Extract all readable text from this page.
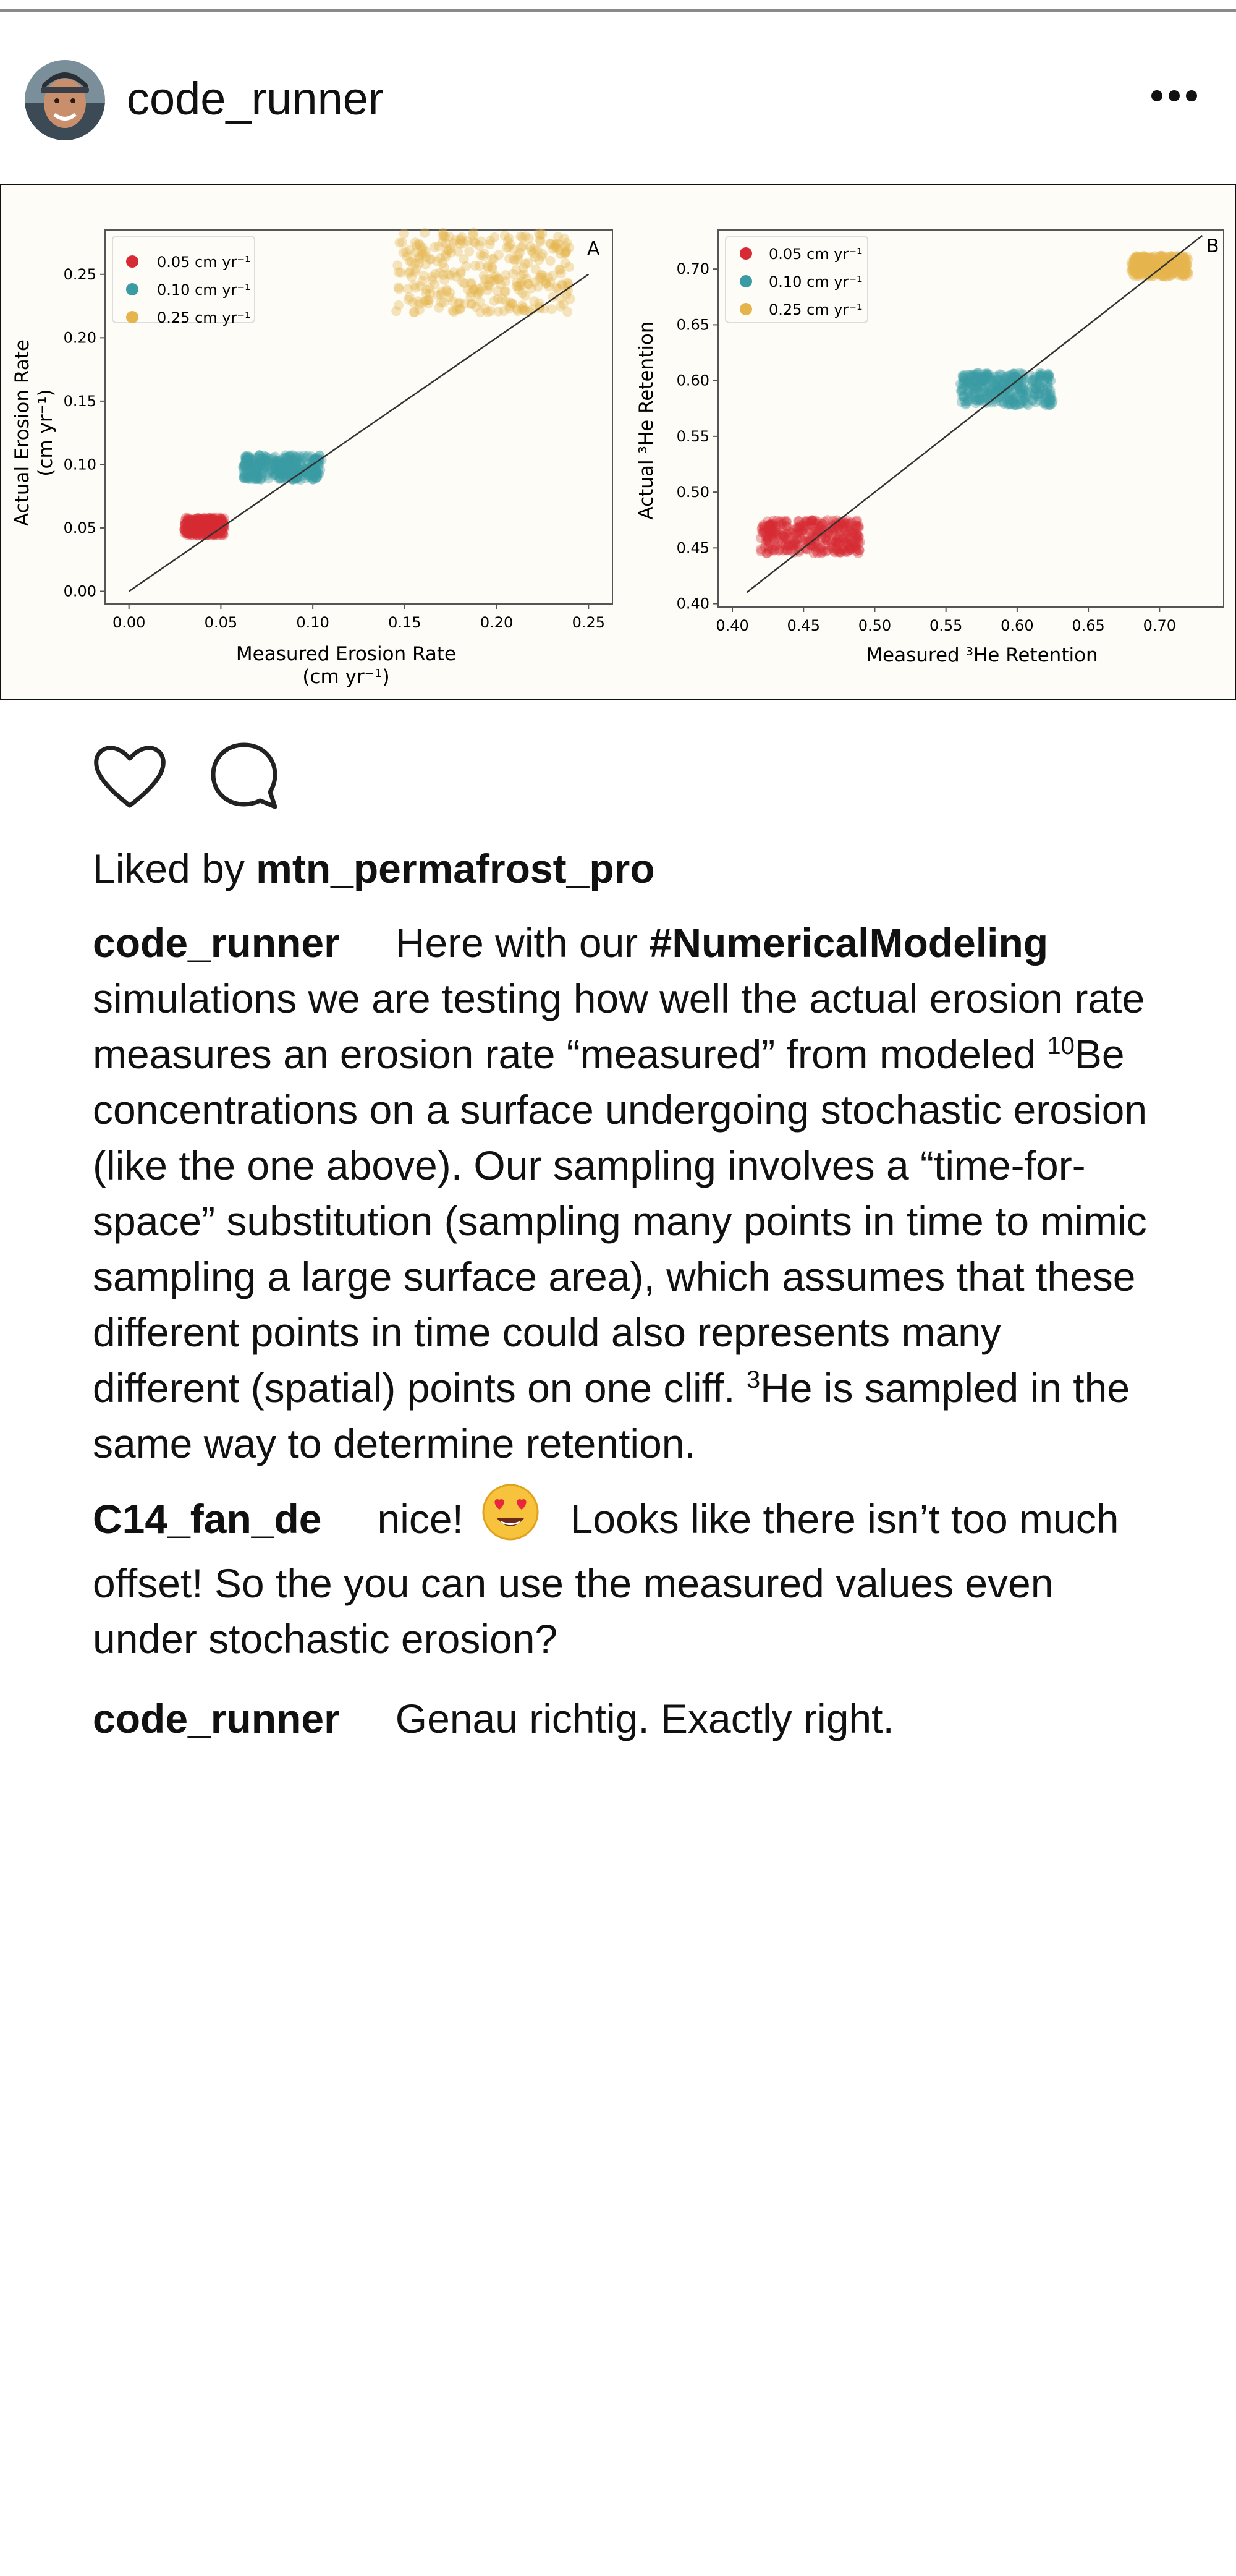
code_runner
A
Measured Erosion Rate
(cm yr⁻¹)
Actual Erosion Rate (cm yr⁻¹)
0.00	0.05	0.10	0.15	0.20	0.25
0.00
0.05
0.10
0.15
0.20
0.25
0.05 cm yr⁻¹
0.10 cm yr⁻¹
0.25 cm yr⁻¹
B
Measured ³He Retention
Actual ³He Retention
0.40	0.45	0.50	0.55	0.60	0.65	0.70
0.40
0.45
0.50
0.55
0.60
0.65
0.70
0.05 cm yr⁻¹
0.10 cm yr⁻¹
0.25 cm yr⁻¹
Liked by mtn_permafrost_pro
code_runner Here with our #NumericalModeling simulations we are testing how well the actual erosion rate measures an erosion rate “measured” from modeled $^{10}$Be concentrations on a surface undergoing stochastic erosion (like the one above). Our sampling involves a “time-for-space” substitution (sampling many points in time to mimic sampling a large surface area), which assumes that these different points in time could also represents many different (spatial) points on one cliff. $^3$He is sampled in the same way to determine retention.
C14_fan_de nice!	Looks like there isn’t too much offset! So the you can use the measured values even under stochastic erosion?
code_runner Genau richtig. Exactly right.
